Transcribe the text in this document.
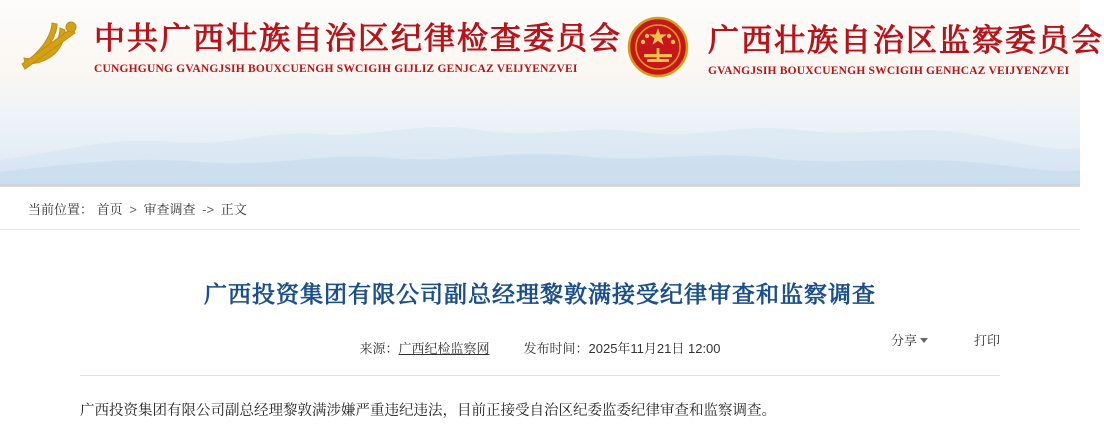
中共广西壮族自治区纪律检查委员会
CUNGHGUNG GVANGJSIH BOUXCUENGH SWCIGIH GIJLIZ GENJCAZ VEIJYENZVEI
广西壮族自治区监察委员会
GVANGJSIH BOUXCUENGH SWCIGIH GENHCAZ VEIJYENZVEI
当前位置： 首页 > 审查调查 -> 正文
广西投资集团有限公司副总经理黎敦满接受纪律审查和监察调查
来源：广西纪检监察网	发布时间：2025年11月21日 12:00
分享	打印

广西投资集团有限公司副总经理黎敦满涉嫌严重违纪违法，目前正接受自治区纪委监委纪律审查和监察调查。
